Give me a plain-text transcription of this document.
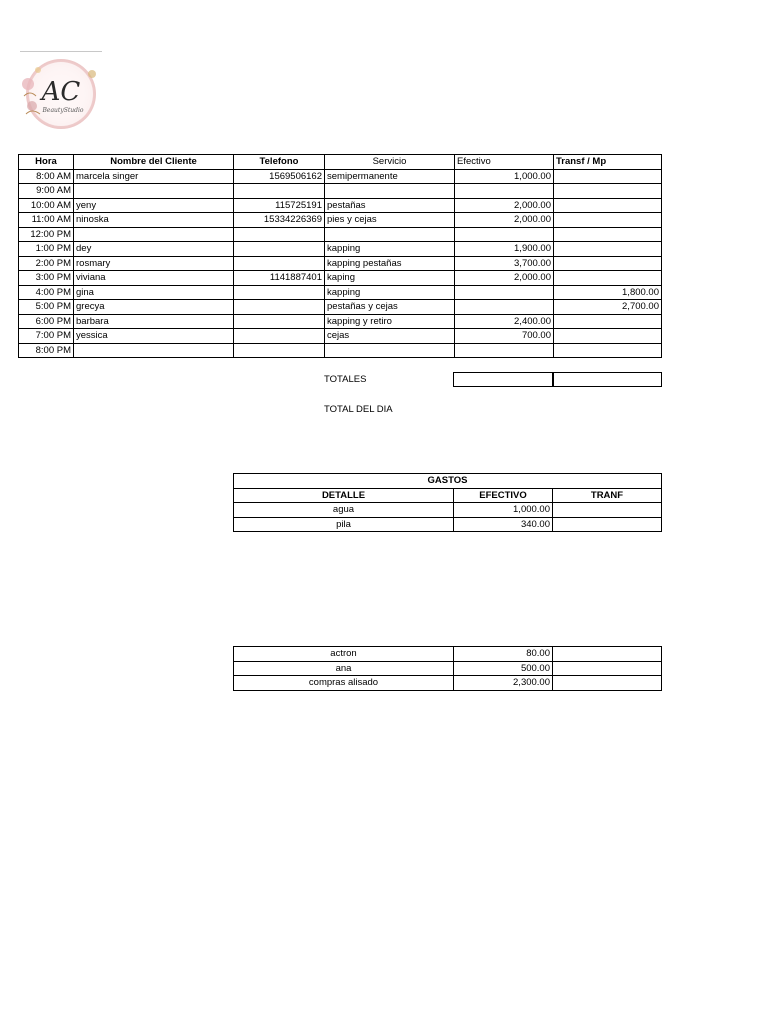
AC
BeautyStudio
Hora	Nombre del Cliente	Telefono	Servicio	Efectivo	Transf / Mp
8:00 AM	marcela singer	1569506162	semipermanente	1,000.00	
9:00 AM					
10:00 AM	yeny	115725191	pestañas	2,000.00	
11:00 AM	ninoska	15334226369	pies y cejas	2,000.00	
12:00 PM					
1:00 PM	dey		kapping	1,900.00	
2:00 PM	rosmary		kapping pestañas	3,700.00	
3:00 PM	viviana	1141887401	kaping	2,000.00	
4:00 PM	gina		kapping		1,800.00
5:00 PM	grecya		pestañas y cejas		2,700.00
6:00 PM	barbara		kapping y retiro	2,400.00	
7:00 PM	yessica		cejas	700.00	
8:00 PM					
TOTALES
TOTAL DEL DIA
GASTOS		
DETALLE	EFECTIVO	TRANF
agua	1,000.00	
pila	340.00	
actron	80.00	
ana	500.00	
compras alisado	2,300.00	
